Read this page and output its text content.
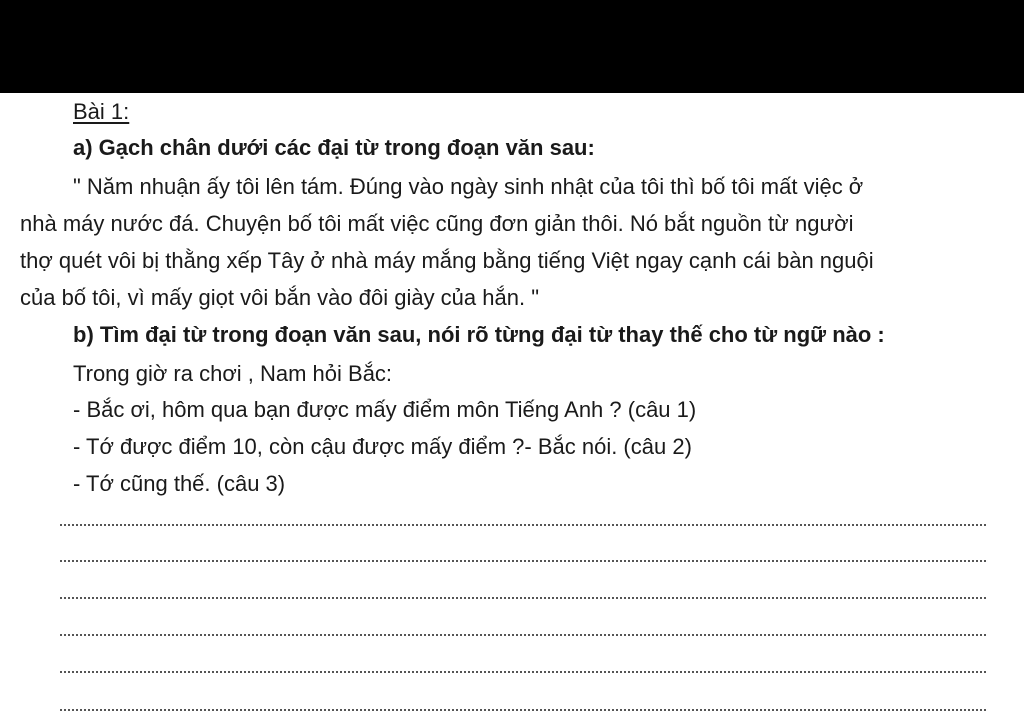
Bài 1:
a) Gạch chân dưới các đại từ trong đoạn văn sau:
" Năm nhuận ấy tôi lên tám. Đúng vào ngày sinh nhật của tôi thì bố tôi mất việc ở
nhà máy nước đá. Chuyện bố tôi mất việc cũng đơn giản thôi. Nó bắt nguồn từ người
thợ quét vôi bị thằng xếp Tây ở nhà máy mắng bằng tiếng Việt ngay cạnh cái bàn nguội
của bố tôi, vì mấy giọt vôi bắn vào đôi giày của hắn. "
b) Tìm đại từ trong đoạn văn sau, nói rõ từng đại từ thay thế cho từ ngữ nào :
Trong giờ ra chơi , Nam hỏi Bắc:
- Bắc ơi, hôm qua bạn được mấy điểm môn Tiếng Anh ? (câu 1)
- Tớ được điểm 10, còn cậu được mấy điểm ?- Bắc nói. (câu 2)
- Tớ cũng thế. (câu 3)
